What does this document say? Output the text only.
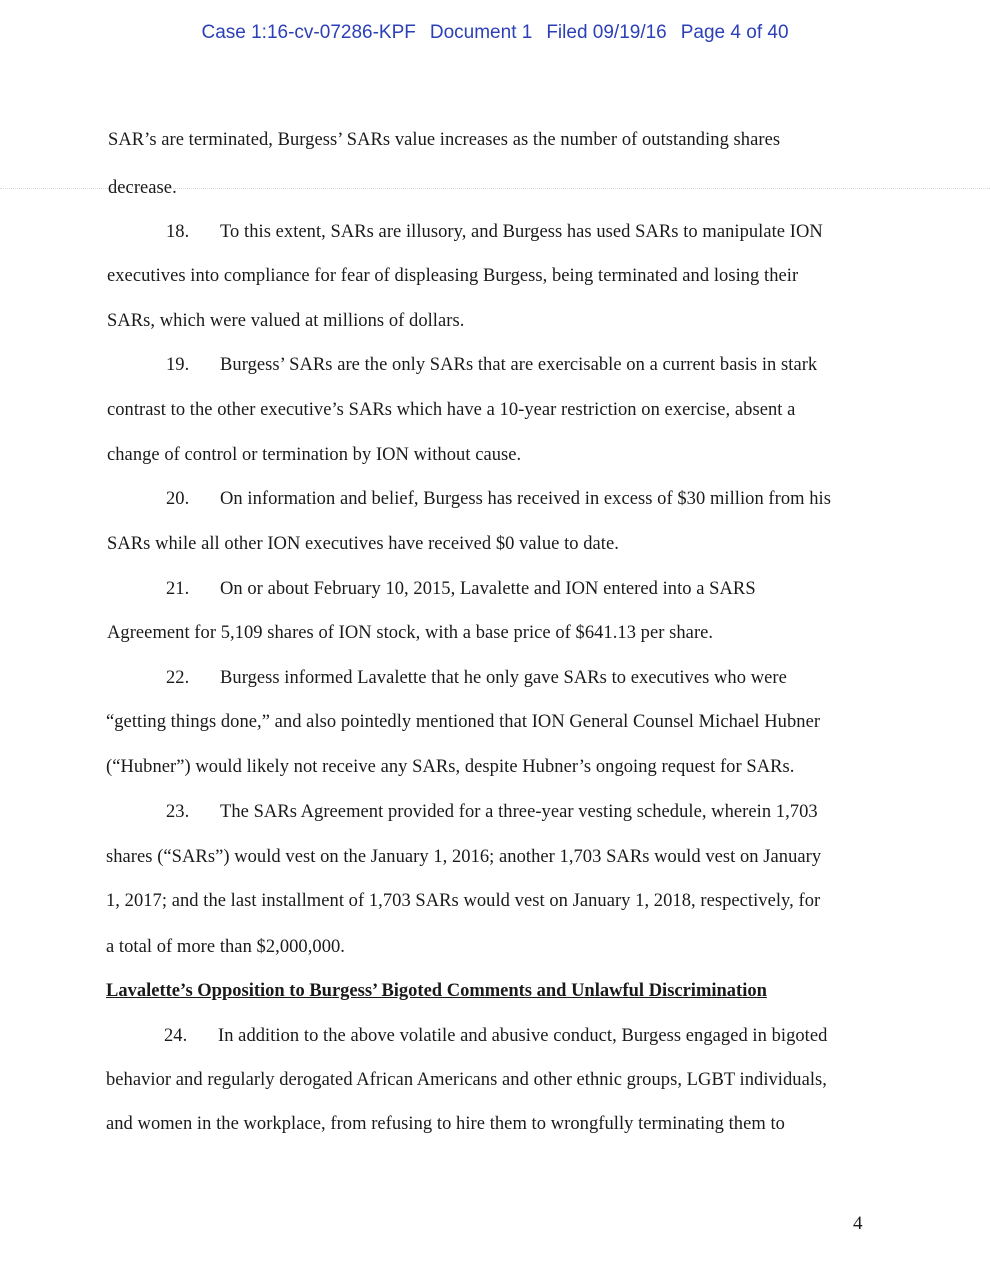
Case 1:16-cv-07286-KPF Document 1 Filed 09/19/16 Page 4 of 40
SAR’s are terminated, Burgess’ SARs value increases as the number of outstanding shares
decrease.
18. To this extent, SARs are illusory, and Burgess has used SARs to manipulate ION
executives into compliance for fear of displeasing Burgess, being terminated and losing their
SARs, which were valued at millions of dollars.
19. Burgess’ SARs are the only SARs that are exercisable on a current basis in stark
contrast to the other executive’s SARs which have a 10-year restriction on exercise, absent a
change of control or termination by ION without cause.
20. On information and belief, Burgess has received in excess of $30 million from his
SARs while all other ION executives have received $0 value to date.
21. On or about February 10, 2015, Lavalette and ION entered into a SARS
Agreement for 5,109 shares of ION stock, with a base price of $641.13 per share.
22. Burgess informed Lavalette that he only gave SARs to executives who were
“getting things done,” and also pointedly mentioned that ION General Counsel Michael Hubner
(“Hubner”) would likely not receive any SARs, despite Hubner’s ongoing request for SARs.
23. The SARs Agreement provided for a three-year vesting schedule, wherein 1,703
shares (“SARs”) would vest on the January 1, 2016; another 1,703 SARs would vest on January
1, 2017; and the last installment of 1,703 SARs would vest on January 1, 2018, respectively, for
a total of more than $2,000,000.
Lavalette’s Opposition to Burgess’ Bigoted Comments and Unlawful Discrimination
24. In addition to the above volatile and abusive conduct, Burgess engaged in bigoted
behavior and regularly derogated African Americans and other ethnic groups, LGBT individuals,
and women in the workplace, from refusing to hire them to wrongfully terminating them to
4
